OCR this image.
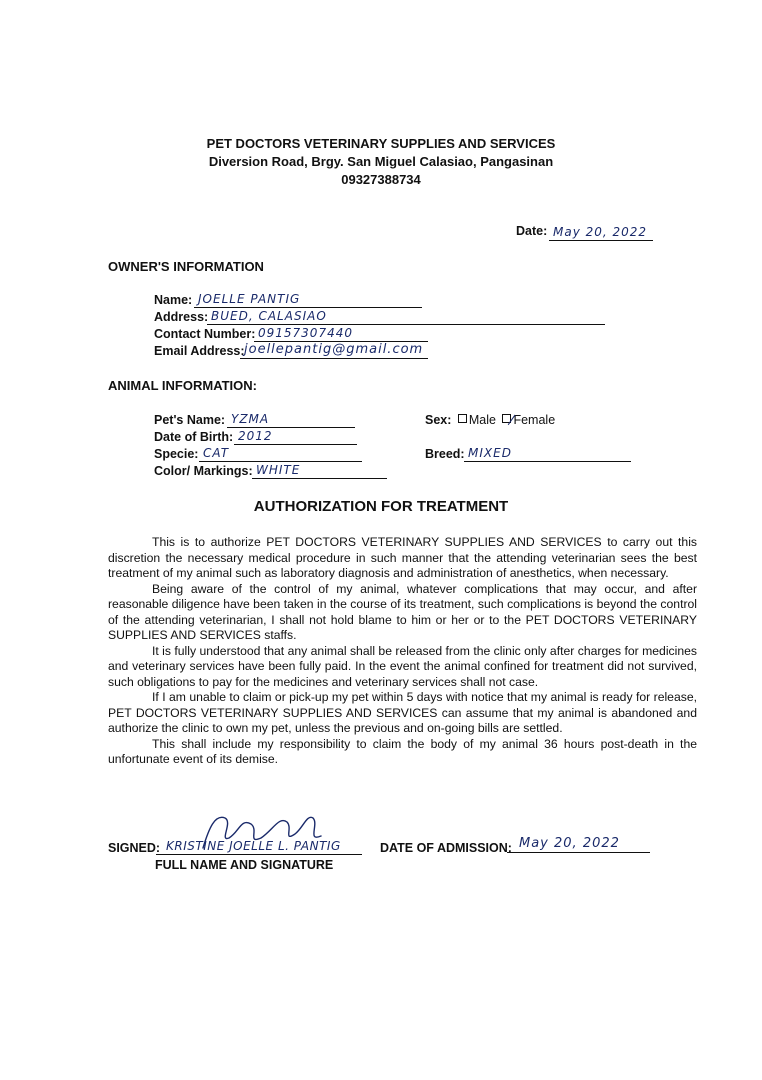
PET DOCTORS VETERINARY SUPPLIES AND SERVICES
Diversion Road, Brgy. San Miguel Calasiao, Pangasinan
09327388734
Date: May 20, 2022
OWNER'S INFORMATION
Name: JOELLE PANTIG
Address: BUED, CALASIAO
Contact Number: 09157307440
Email Address: joellepantig@gmail.com
ANIMAL INFORMATION:
Pet's Name: YZMA
Date of Birth: 2012
Specie: CAT
Color/ Markings: WHITE
Sex: Male Female
Breed: MIXED
AUTHORIZATION FOR TREATMENT

This is to authorize PET DOCTORS VETERINARY SUPPLIES AND SERVICES to carry out this discretion the necessary medical procedure in such manner that the attending veterinarian sees the best treatment of my animal such as laboratory diagnosis and administration of anesthetics, when necessary.

Being aware of the control of my animal, whatever complications that may occur, and after reasonable diligence have been taken in the course of its treatment, such complications is beyond the control of the attending veterinarian, I shall not hold blame to him or her or to the PET DOCTORS VETERINARY SUPPLIES AND SERVICES staffs.

It is fully understood that any animal shall be released from the clinic only after charges for medicines and veterinary services have been fully paid. In the event the animal confined for treatment did not survived, such obligations to pay for the medicines and veterinary services shall not case.

If I am unable to claim or pick-up my pet within 5 days with notice that my animal is ready for release, PET DOCTORS VETERINARY SUPPLIES AND SERVICES can assume that my animal is abandoned and authorize the clinic to own my pet, unless the previous and on-going bills are settled.

This shall include my responsibility to claim the body of my animal 36 hours post-death in the unfortunate event of its demise.

SIGNED: KRISTINE JOELLE L. PANTIG
FULL NAME AND SIGNATURE
DATE OF ADMISSION: May 20, 2022
